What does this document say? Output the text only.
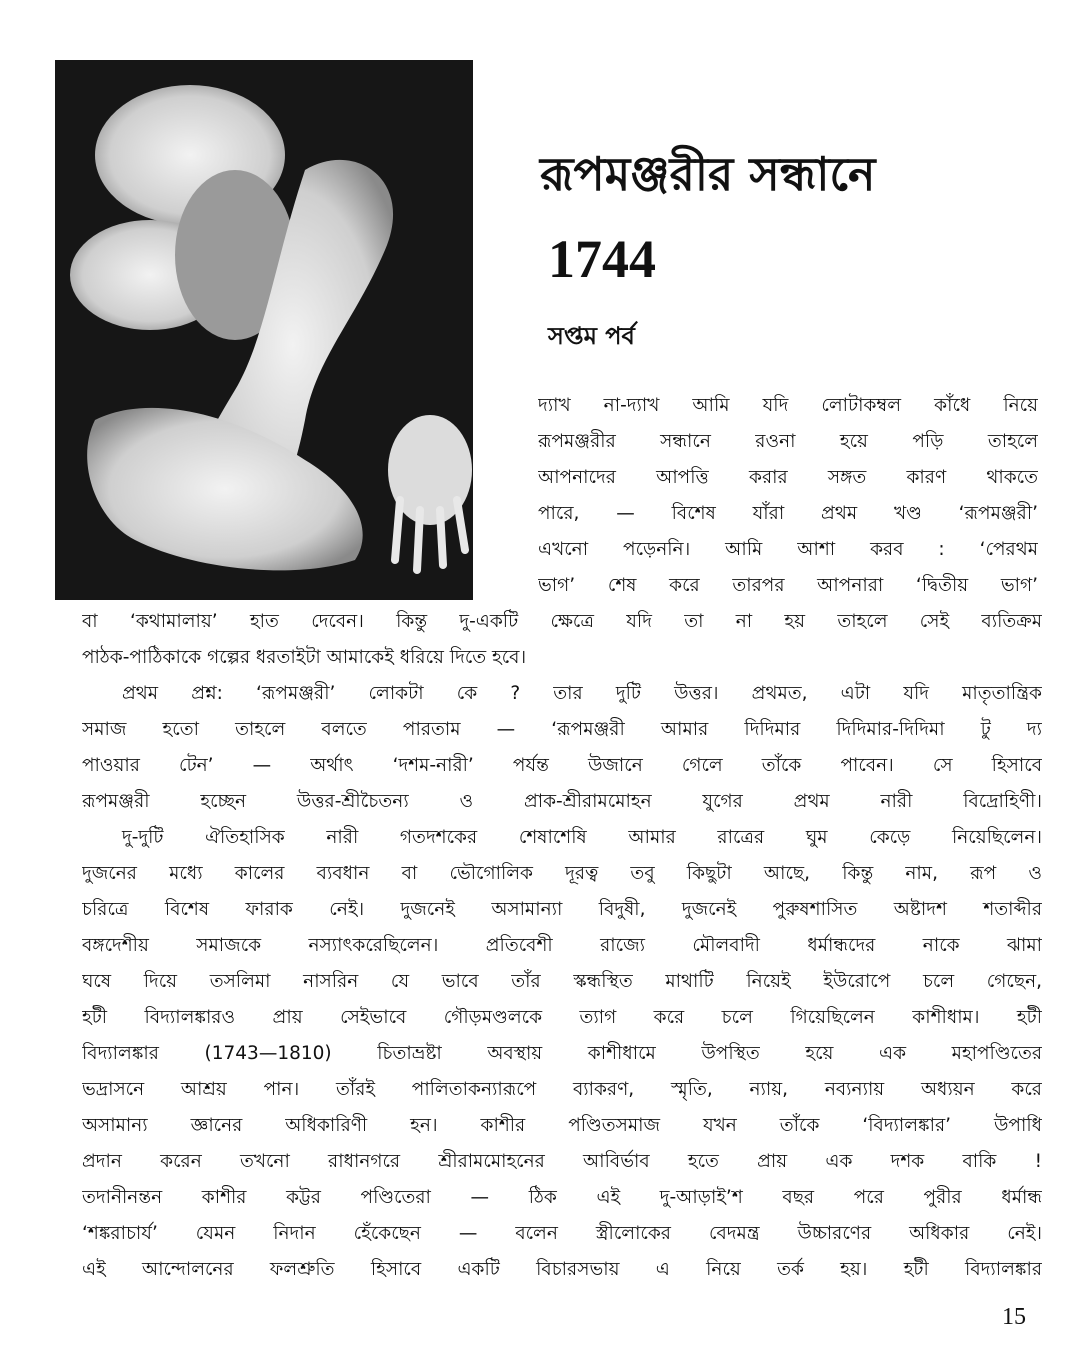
রূপমঞ্জরীর সন্ধানে
1744
সপ্তম পর্ব
দ্যাখ না-দ্যাখ আমি যদি লোটাকম্বল কাঁধে নিয়ে
রূপমঞ্জরীর সন্ধানে রওনা হয়ে পড়ি তাহলে
আপনাদের আপত্তি করার সঙ্গত কারণ থাকতে
পারে, — বিশেষ যাঁরা প্রথম খণ্ড ‘রূপমঞ্জরী’
এখনো পড়েননি। আমি আশা করব : ‘পেরথম
ভাগ’ শেষ করে তারপর আপনারা ‘দ্বিতীয় ভাগ’
বা ‘কথামালায়’ হাত দেবেন। কিন্তু দু-একটি ক্ষেত্রে যদি তা না হয় তাহলে সেই ব্যতিক্রম
পাঠক-পাঠিকাকে গল্পের ধরতাইটা আমাকেই ধরিয়ে দিতে হবে।
প্রথম প্রশ্ন: ‘রূপমঞ্জরী’ লোকটা কে ? তার দুটি উত্তর। প্রথমত, এটা যদি মাতৃতান্ত্রিক
সমাজ হতো তাহলে বলতে পারতাম — ‘রূপমঞ্জরী আমার দিদিমার দিদিমার-দিদিমা টু দ্য
পাওয়ার টেন’ — অর্থাৎ ‘দশম-নারী’ পর্যন্ত উজানে গেলে তাঁকে পাবেন। সে হিসাবে
রূপমঞ্জরী হচ্ছেন উত্তর-শ্রীচৈতন্য ও প্রাক-শ্রীরামমোহন যুগের প্রথম নারী বিদ্রোহিণী।
দু-দুটি ঐতিহাসিক নারী গতদশকের শেষাশেষি আমার রাত্রের ঘুম কেড়ে নিয়েছিলেন।
দুজনের মধ্যে কালের ব্যবধান বা ভৌগোলিক দূরত্ব তবু কিছুটা আছে, কিন্তু নাম, রূপ ও
চরিত্রে বিশেষ ফারাক নেই। দুজনেই অসামান্যা বিদুষী, দুজনেই পুরুষশাসিত অষ্টাদশ শতাব্দীর
বঙ্গদেশীয় সমাজকে নস্যাৎকরেছিলেন। প্রতিবেশী রাজ্যে মৌলবাদী ধর্মান্ধদের নাকে ঝামা
ঘষে দিয়ে তসলিমা নাসরিন যে ভাবে তাঁর স্কন্ধস্থিত মাথাটি নিয়েই ইউরোপে চলে গেছেন,
হটী বিদ্যালঙ্কারও প্রায় সেইভাবে গৌড়মণ্ডলকে ত্যাগ করে চলে গিয়েছিলেন কাশীধাম। হটী
বিদ্যালঙ্কার (1743—1810) চিতাভ্রষ্টা অবস্থায় কাশীধামে উপস্থিত হয়ে এক মহাপণ্ডিতের
ভদ্রাসনে আশ্রয় পান। তাঁরই পালিতাকন্যারূপে ব্যাকরণ, স্মৃতি, ন্যায়, নব্যন্যায় অধ্যয়ন করে
অসামান্য জ্ঞানের অধিকারিণী হন। কাশীর পণ্ডিতসমাজ যখন তাঁকে ‘বিদ্যালঙ্কার’ উপাধি
প্রদান করেন তখনো রাধানগরে শ্রীরামমোহনের আবির্ভাব হতে প্রায় এক দশক বাকি !
তদানীনন্তন কাশীর কট্টর পণ্ডিতেরা — ঠিক এই দু-আড়াই’শ বছর পরে পুরীর ধর্মান্ধ
‘শঙ্করাচার্য’ যেমন নিদান হেঁকেছেন — বলেন স্ত্রীলোকের বেদমন্ত্র উচ্চারণের অধিকার নেই।
এই আন্দোলনের ফলশ্রুতি হিসাবে একটি বিচারসভায় এ নিয়ে তর্ক হয়। হটী বিদ্যালঙ্কার
15
